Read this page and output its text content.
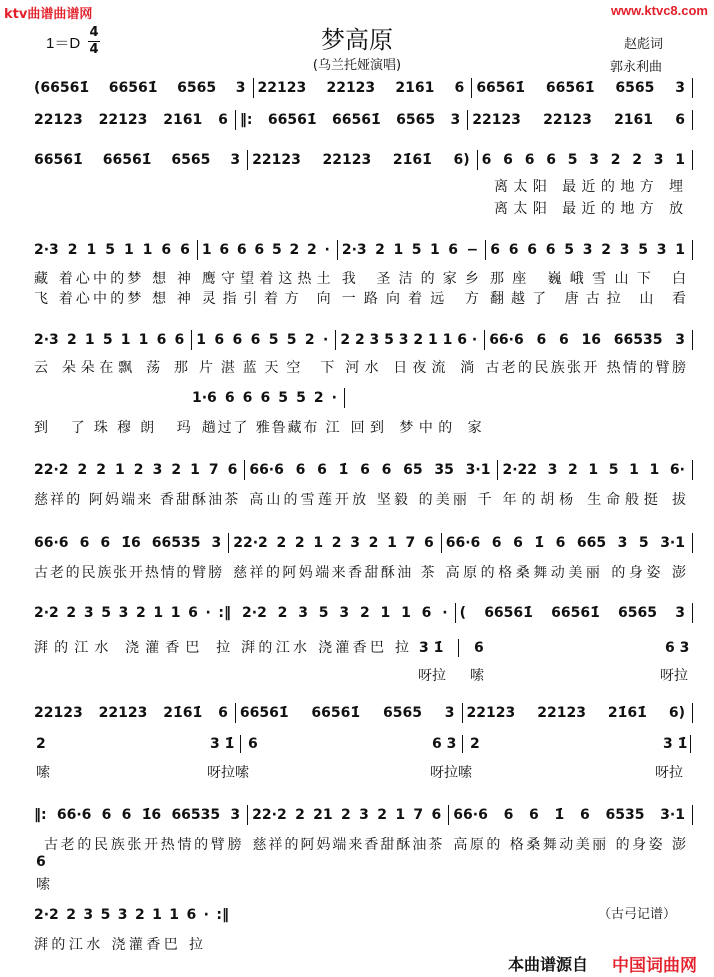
ktv曲谱曲谱网	www.ktvc8.com
梦高原
(乌兰托娅演唱)
1＝D
4
4	赵彪词
郭永利曲
(66561̇ 66561̇ 6565 3 22123 22123 2161 6 66561̇ 66561̇ 6565 3
22123 22123 2161 6 ‖: 66561̇ 66561̇ 6565 3 22123 22123 2161 6
66561̇ 66561̇ 6565 3 22123 22123 21̇61̇ 6) 6 6 6 6 5 3 2 2 3 1
离太阳 最近的地方 埋
离太阳 最近的地方 放
2·3 2 1 5 1 1 6 6 1 6 6 6 5 2 2 · 2·3 2 1 5 1 6 − 6 6 6 6 5 3 2 3 5 3 1
藏 着心中的梦 想 神 鹰守望着这热土 我 圣洁的家乡 那座 巍峨雪山下 白
飞 着心中的梦 想 神 灵指引着方 向 一路向着远 方 翻越了 唐古拉 山 看
2·3 2 1 5 1 1 6 6 1 6 6 6 5 5 2 · 2 2 3 5 3 2 1 1 6 · 66·6 6 6 16 66535 3
云 朵朵在飘 荡 那 片湛蓝天空 下 河水 日夜流 淌 古老的民族张开 热情的臂膀
1·6 6 6 6 5 5 2 ·
到 了珠穆朗 玛 趟过了 雅鲁藏布 江 回到 梦中的 家
22·2 2 2 1 2 3 2 1 7 6 66·6 6 6 1̇ 6 6 65 35 3·1 2·22 3 2 1 5 1 1 6·
慈祥的 阿妈端来 香甜酥油茶 高山的雪莲开放 坚毅 的美丽 千 年的胡杨 生命般挺 拔
66·6 6 6 1̇6 66535 3 22·2 2 2 1 2 3 2 1 7 6 66·6 6 6 1̇ 6 665 3 5 3·1
古老的民族张开热情的臂膀 慈祥的阿妈端来香甜酥油 茶 高原的格桑舞动美丽 的身姿 澎
2·2 2 3 5 3 2 1 1 6 · :‖ 2·2 2 3 5 3 2 1 1 6 · ( 66561̇ 66561̇ 6565 3
湃的江水 浇灌香巴 拉 湃的江水 浇灌香巴 拉 3 1̇ 6	6 3
呀拉 嗦	呀拉
22123 22123 21̇61̇ 6 66561̇ 66561̇ 6565 3 22123 22123 21̇61̇ 6)
2	3 1̇ 6	6 3 2	3 1̇
嗦	呀拉嗦	呀拉嗦	呀拉
‖: 66·6 6 6 1̇6 66535 3 22·2 2 21 2 3 2 1 7 6 66·6 6 6 1̇ 6 6535 3·1
古老的民族张开热情的臂膀 慈祥的阿妈端来香甜酥油茶 高原的 格桑舞动美丽 的身姿 澎
6
嗦
2·2 2 3 5 3 2 1 1 6 · :‖
湃的江水 浇灌香巴 拉
（古弓记谱）
本曲谱源自 中国词曲网
